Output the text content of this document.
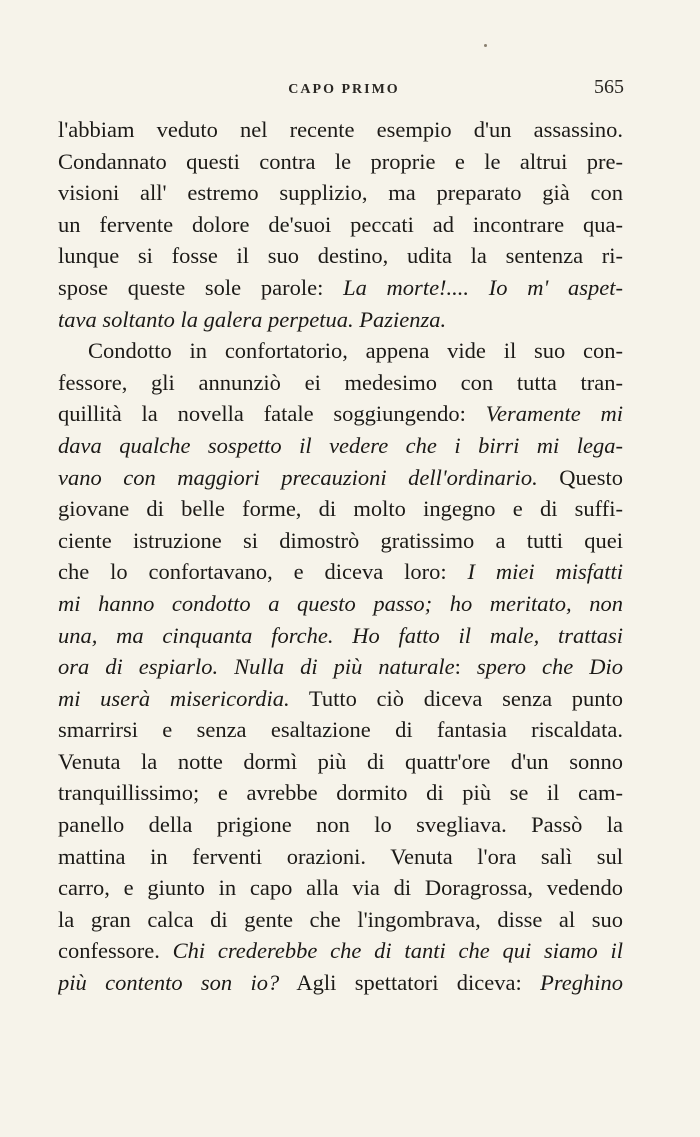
CAPO PRIMO	565
l'abbiam veduto nel recente esempio d'un assassino.
Condannato questi contra le proprie e le altrui pre-
visioni all' estremo supplizio, ma preparato già con
un fervente dolore de'suoi peccati ad incontrare qua-
lunque si fosse il suo destino, udita la sentenza ri-
spose queste sole parole: La morte!.... Io m' aspet-
tava soltanto la galera perpetua. Pazienza.
Condotto in confortatorio, appena vide il suo con-
fessore, gli annunziò ei medesimo con tutta tran-
quillità la novella fatale soggiungendo: Veramente mi
dava qualche sospetto il vedere che i birri mi lega-
vano con maggiori precauzioni dell'ordinario. Questo
giovane di belle forme, di molto ingegno e di suffi-
ciente istruzione si dimostrò gratissimo a tutti quei
che lo confortavano, e diceva loro: I miei misfatti
mi hanno condotto a questo passo; ho meritato, non
una, ma cinquanta forche. Ho fatto il male, trattasi
ora di espiarlo. Nulla di più naturale: spero che Dio
mi userà misericordia. Tutto ciò diceva senza punto
smarrirsi e senza esaltazione di fantasia riscaldata.
Venuta la notte dormì più di quattr'ore d'un sonno
tranquillissimo; e avrebbe dormito di più se il cam-
panello della prigione non lo svegliava. Passò la
mattina in ferventi orazioni. Venuta l'ora salì sul
carro, e giunto in capo alla via di Doragrossa, vedendo
la gran calca di gente che l'ingombrava, disse al suo
confessore. Chi crederebbe che di tanti che qui siamo il
più contento son io? Agli spettatori diceva: Preghino
